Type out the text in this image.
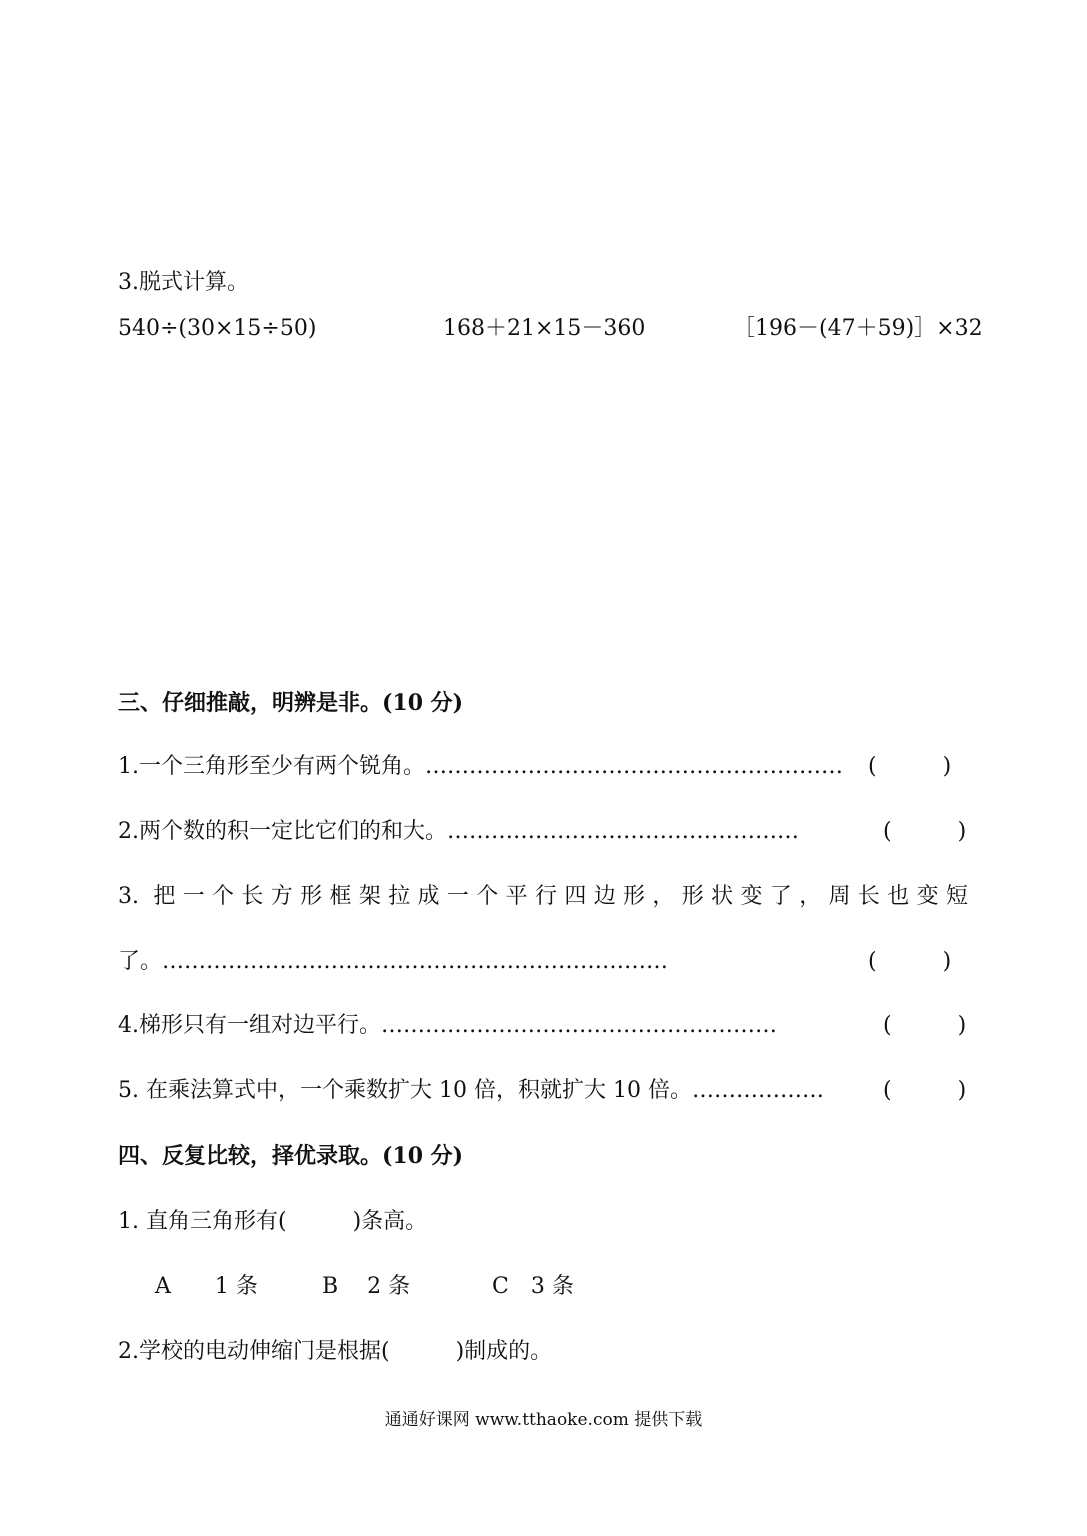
3.脱式计算。
540÷(30×15÷50)	168＋21×15－360	［196－(47＋59)］×32
三、仔细推敲，明辨是非。(10 分)
1.一个三角形至少有两个锐角。………………………………………………… (　　　)
2.两个数的积一定比它们的和大。…………………………………………	(　　　)
3. 把一个长方形框架拉成一个平行四边形，形状变了，周长也变短
了。……………………………………………………………	(　　　)
4.梯形只有一组对边平行。………………………………………………	(　　　)
5. 在乘法算式中，一个乘数扩大 10 倍，积就扩大 10 倍。………………	(　　　)
四、反复比较，择优录取。(10 分)
1. 直角三角形有(　　　)条高。
A　　1 条	B　 2 条	C　3 条
2.学校的电动伸缩门是根据(　　　)制成的。
通通好课网 www.tthaoke.com 提供下载
